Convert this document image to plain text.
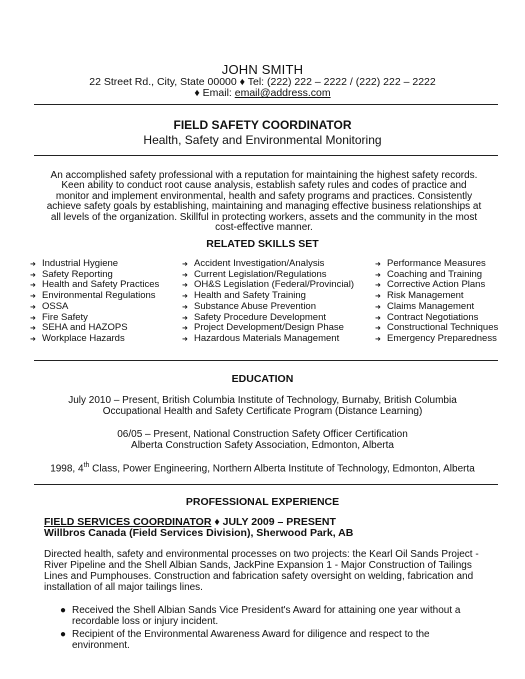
JOHN SMITH
22 Street Rd., City, State 00000 ♦ Tel: (222) 222 – 2222 / (222) 222 – 2222
♦ Email: email@address.com
FIELD SAFETY COORDINATOR
Health, Safety and Environmental Monitoring
An accomplished safety professional with a reputation for maintaining the highest safety records. Keen ability to conduct root cause analysis, establish safety rules and codes of practice and monitor and implement environmental, health and safety programs and practices. Consistently achieve safety goals by establishing, maintaining and managing effective business relationships at all levels of the organization. Skillful in protecting workers, assets and the community in the most cost-effective manner.
RELATED SKILLS SET
➜ Industrial Hygiene
➜ Safety Reporting
➜ Health and Safety Practices
➜ Environmental Regulations
➜ OSSA
➜ Fire Safety
➜ SEHA and HAZOPS
➜ Workplace Hazards
➜ Accident Investigation/Analysis
➜ Current Legislation/Regulations
➜ OH&S Legislation (Federal/Provincial)
➜ Health and Safety Training
➜ Substance Abuse Prevention
➜ Safety Procedure Development
➜ Project Development/Design Phase
➜ Hazardous Materials Management
➜ Performance Measures
➜ Coaching and Training
➜ Corrective Action Plans
➜ Risk Management
➜ Claims Management
➜ Contract Negotiations
➜ Constructional Techniques
➜ Emergency Preparedness
EDUCATION
July 2010 – Present, British Columbia Institute of Technology, Burnaby, British Columbia
Occupational Health and Safety Certificate Program (Distance Learning)
06/05 – Present, National Construction Safety Officer Certification
Alberta Construction Safety Association, Edmonton, Alberta
1998, 4th Class, Power Engineering, Northern Alberta Institute of Technology, Edmonton, Alberta
PROFESSIONAL EXPERIENCE
FIELD SERVICES COORDINATOR ♦ JULY 2009 – PRESENT
Willbros Canada (Field Services Division), Sherwood Park, AB
Directed health, safety and environmental processes on two projects: the Kearl Oil Sands Project - River Pipeline and the Shell Albian Sands, JackPine Expansion 1 - Major Construction of Tailings Lines and Pumphouses. Construction and fabrication safety oversight on welding, fabrication and installation of all major tailings lines.
● Received the Shell Albian Sands Vice President's Award for attaining one year without a recordable loss or injury incident.
● Recipient of the Environmental Awareness Award for diligence and respect to the environment.
